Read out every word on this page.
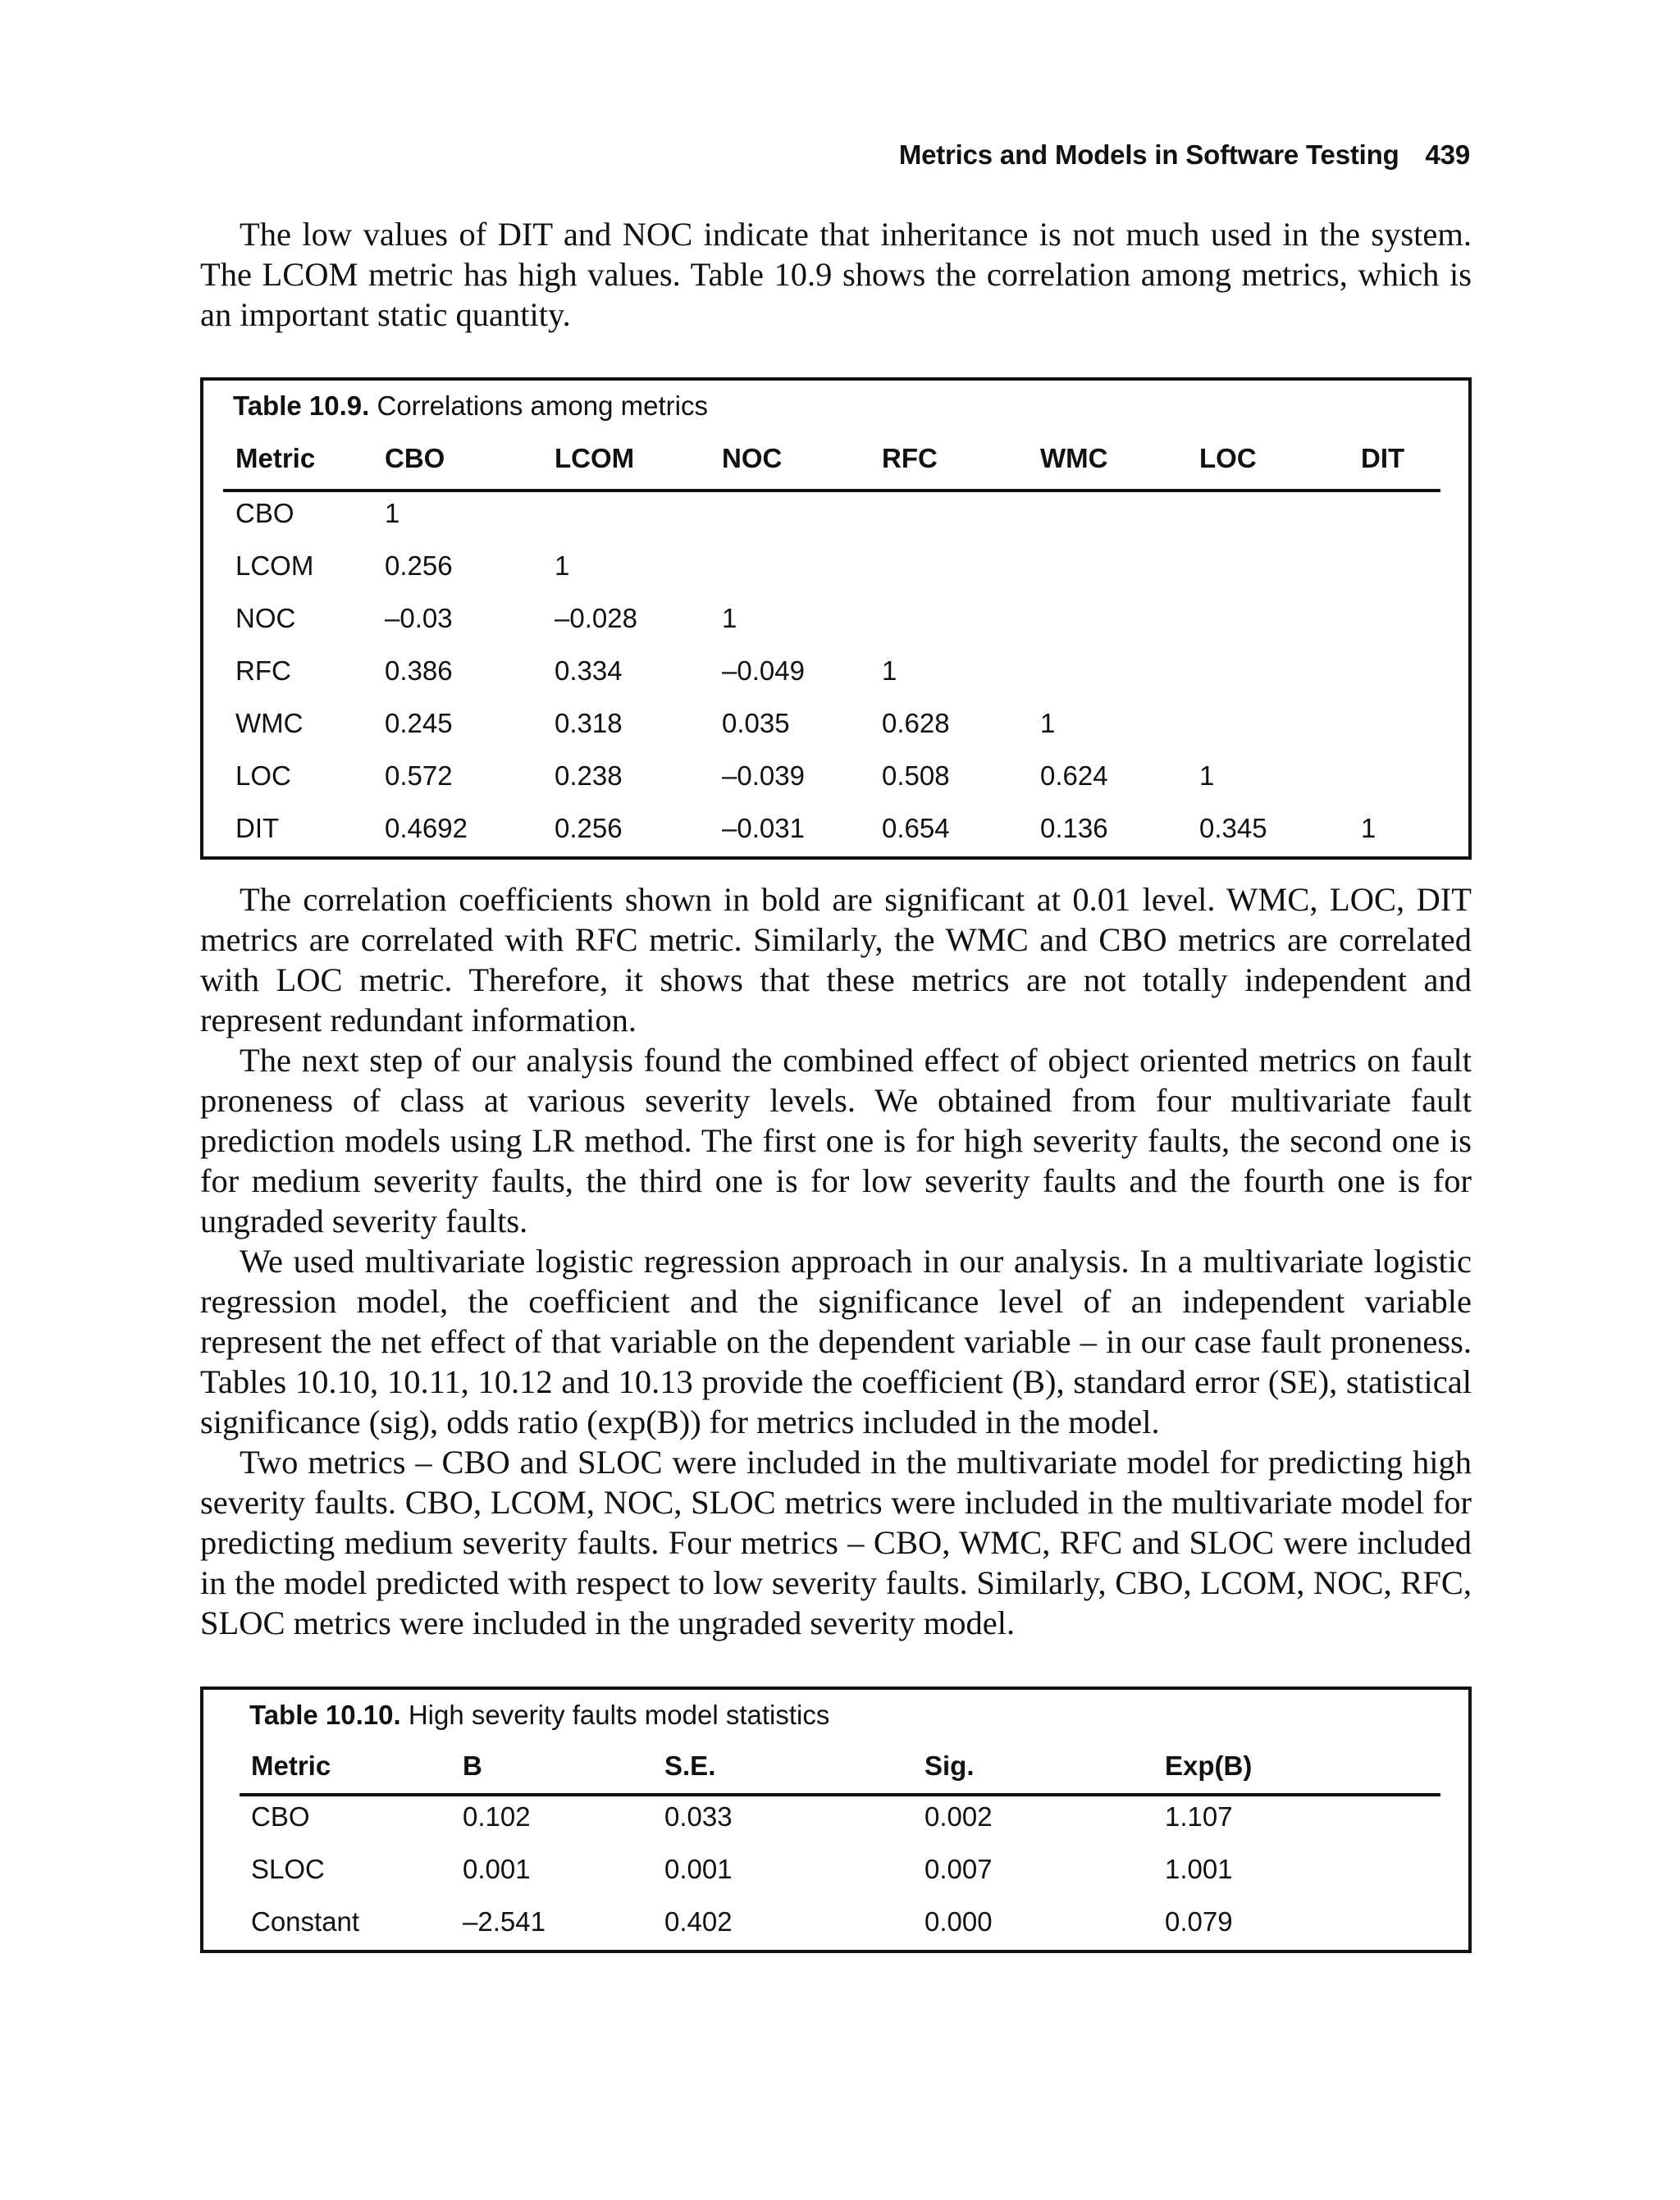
Metrics and Models in Software Testing 439

The low values of DIT and NOC indicate that inheritance is not much used in the system. The LCOM metric has high values. Table 10.9 shows the correlation among metrics, which is an important static quantity.

Table 10.9. Correlations among metrics
Metric	CBO	LCOM	NOC	RFC	WMC	LOC	DIT
CBO	1
LCOM	0.256	1
NOC	–0.03	–0.028	1
RFC	0.386	0.334	–0.049	1
WMC	0.245	0.318	0.035	0.628	1
LOC	0.572	0.238	–0.039	0.508	0.624	1
DIT	0.4692	0.256	–0.031	0.654	0.136	0.345	1

The correlation coefficients shown in bold are significant at 0.01 level. WMC, LOC, DIT metrics are correlated with RFC metric. Similarly, the WMC and CBO metrics are correlated with LOC metric. Therefore, it shows that these metrics are not totally independent and represent redundant information.

The next step of our analysis found the combined effect of object oriented metrics on fault proneness of class at various severity levels. We obtained from four multivariate fault prediction models using LR method. The first one is for high severity faults, the second one is for medium severity faults, the third one is for low severity faults and the fourth one is for ungraded severity faults.

We used multivariate logistic regression approach in our analysis. In a multivariate logistic regression model, the coefficient and the significance level of an independent variable represent the net effect of that variable on the dependent variable – in our case fault proneness. Tables 10.10, 10.11, 10.12 and 10.13 provide the coefficient (B), standard error (SE), statistical significance (sig), odds ratio (exp(B)) for metrics included in the model.

Two metrics – CBO and SLOC were included in the multivariate model for predicting high severity faults. CBO, LCOM, NOC, SLOC metrics were included in the multivariate model for predicting medium severity faults. Four metrics – CBO, WMC, RFC and SLOC were included in the model predicted with respect to low severity faults. Similarly, CBO, LCOM, NOC, RFC, SLOC metrics were included in the ungraded severity model.

Table 10.10. High severity faults model statistics
Metric	B	S.E.	Sig.	Exp(B)
CBO	0.102	0.033	0.002	1.107
SLOC	0.001	0.001	0.007	1.001
Constant	–2.541	0.402	0.000	0.079
